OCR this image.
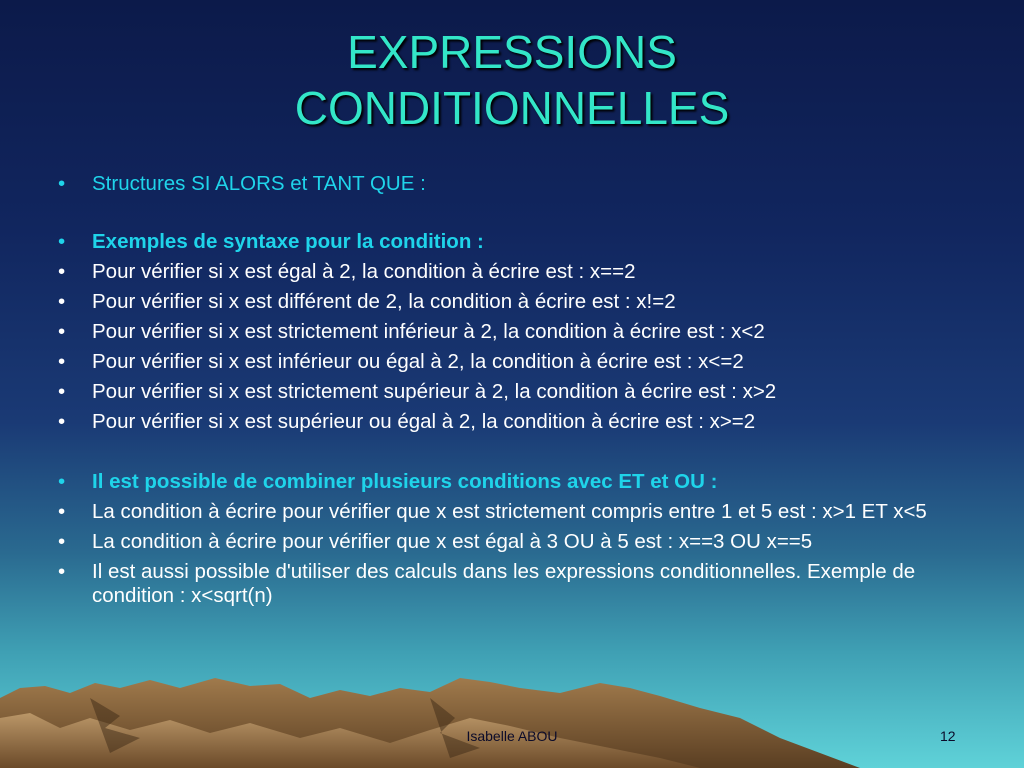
EXPRESSIONS
CONDITIONNELLES
•	Structures SI ALORS et TANT QUE :
•	Exemples de syntaxe pour la condition :
•	Pour vérifier si x est égal à 2, la condition à écrire est : x==2
•	Pour vérifier si x est différent de 2, la condition à écrire est : x!=2
•	Pour vérifier si x est strictement inférieur à 2, la condition à écrire est : x<2
•	Pour vérifier si x est inférieur ou égal à 2, la condition à écrire est : x<=2
•	Pour vérifier si x est strictement supérieur à 2, la condition à écrire est : x>2
•	Pour vérifier si x est supérieur ou égal à 2, la condition à écrire est : x>=2
•	Il est possible de combiner plusieurs conditions avec ET et OU :
•	La condition à écrire pour vérifier que x est strictement compris entre 1 et 5 est : x>1 ET x<5
•	La condition à écrire pour vérifier que x est égal à 3 OU à 5 est : x==3 OU x==5
•	Il est aussi possible d'utiliser des calculs dans les expressions conditionnelles. Exemple de condition : x<sqrt(n)
Isabelle ABOU	12
